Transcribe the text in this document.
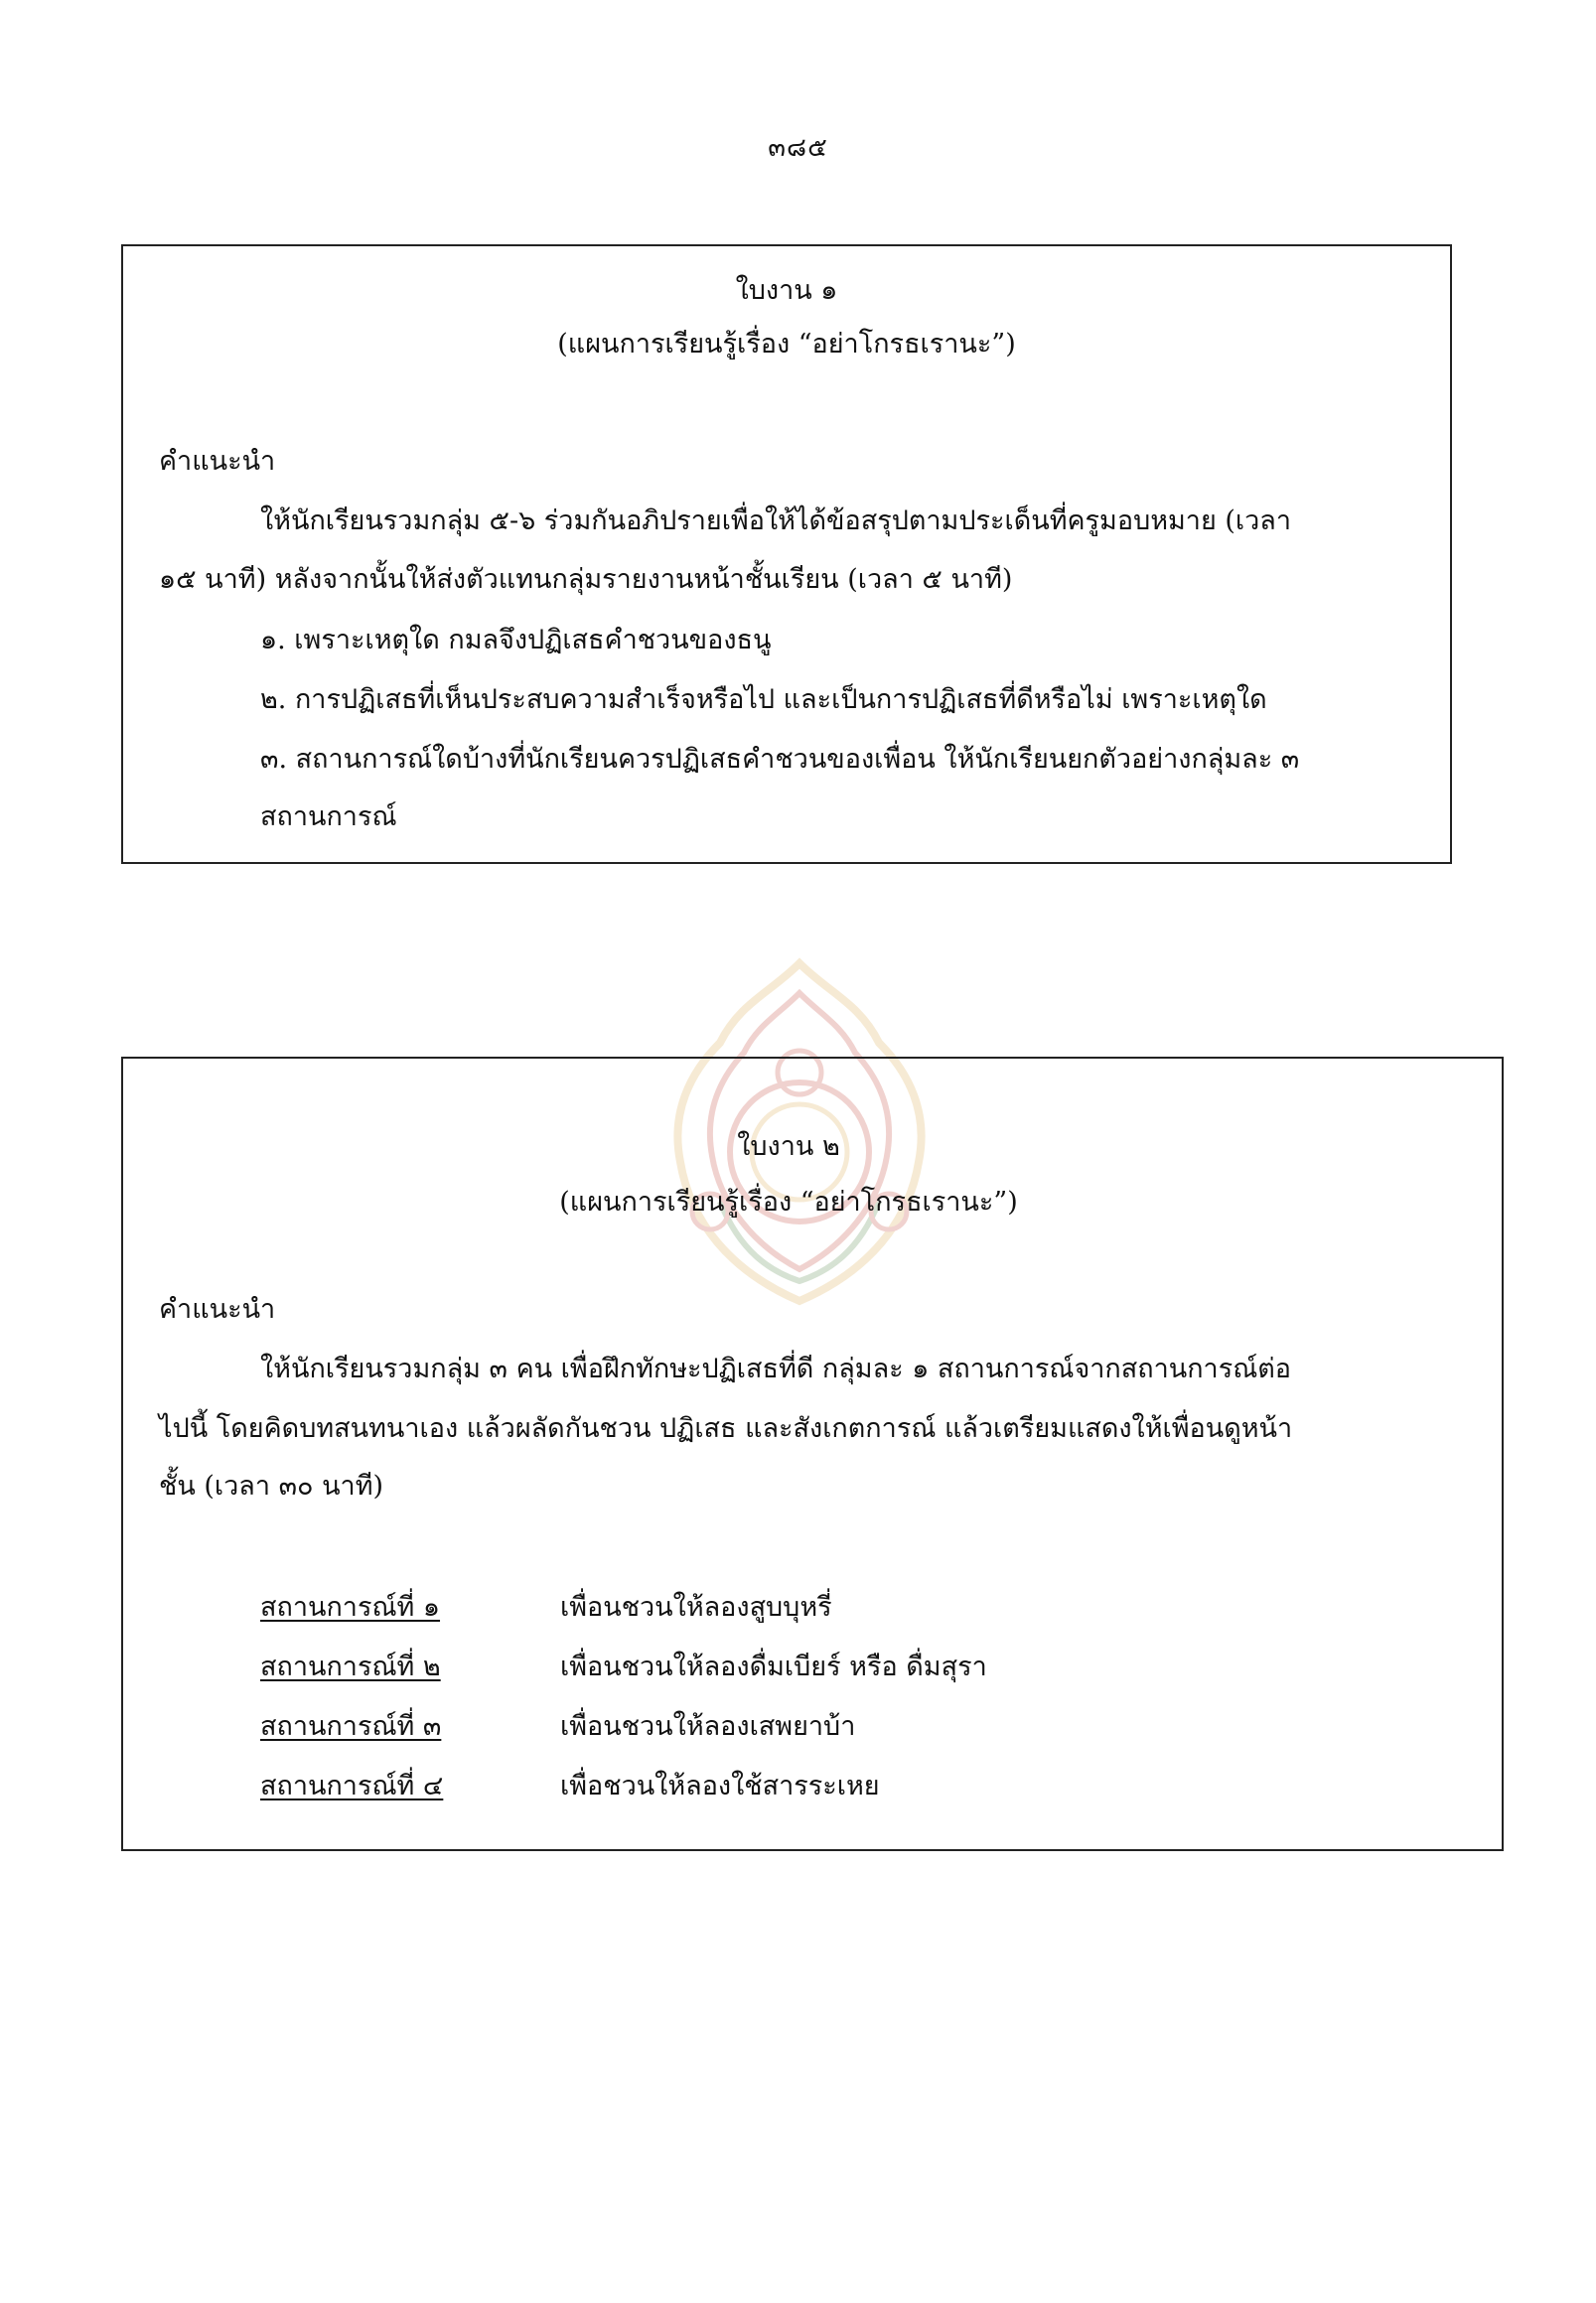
๓๘๕

ใบงาน ๑

(แผนการเรียนรู้เรื่อง “อย่าโกรธเรานะ”)

คำแนะนำ

ให้นักเรียนรวมกลุ่ม ๕-๖ ร่วมกันอภิปรายเพื่อให้ได้ข้อสรุปตามประเด็นที่ครูมอบหมาย (เวลา

๑๕ นาที) หลังจากนั้นให้ส่งตัวแทนกลุ่มรายงานหน้าชั้นเรียน (เวลา ๕ นาที)

๑. เพราะเหตุใด กมลจึงปฏิเสธคำชวนของธนู

๒. การปฏิเสธที่เห็นประสบความสำเร็จหรือไป และเป็นการปฏิเสธที่ดีหรือไม่ เพราะเหตุใด

๓. สถานการณ์ใดบ้างที่นักเรียนควรปฏิเสธคำชวนของเพื่อน ให้นักเรียนยกตัวอย่างกลุ่มละ ๓

สถานการณ์

ใบงาน ๒

(แผนการเรียนรู้เรื่อง “อย่าโกรธเรานะ”)

คำแนะนำ

ให้นักเรียนรวมกลุ่ม ๓ คน เพื่อฝึกทักษะปฏิเสธที่ดี กลุ่มละ ๑ สถานการณ์จากสถานการณ์ต่อ

ไปนี้ โดยคิดบทสนทนาเอง แล้วผลัดกันชวน ปฏิเสธ และสังเกตการณ์ แล้วเตรียมแสดงให้เพื่อนดูหน้า

ชั้น (เวลา ๓๐ นาที)

สถานการณ์ที่ ๑	เพื่อนชวนให้ลองสูบบุหรี่
สถานการณ์ที่ ๒	เพื่อนชวนให้ลองดื่มเบียร์ หรือ ดื่มสุรา
สถานการณ์ที่ ๓	เพื่อนชวนให้ลองเสพยาบ้า
สถานการณ์ที่ ๔	เพื่อชวนให้ลองใช้สารระเหย
